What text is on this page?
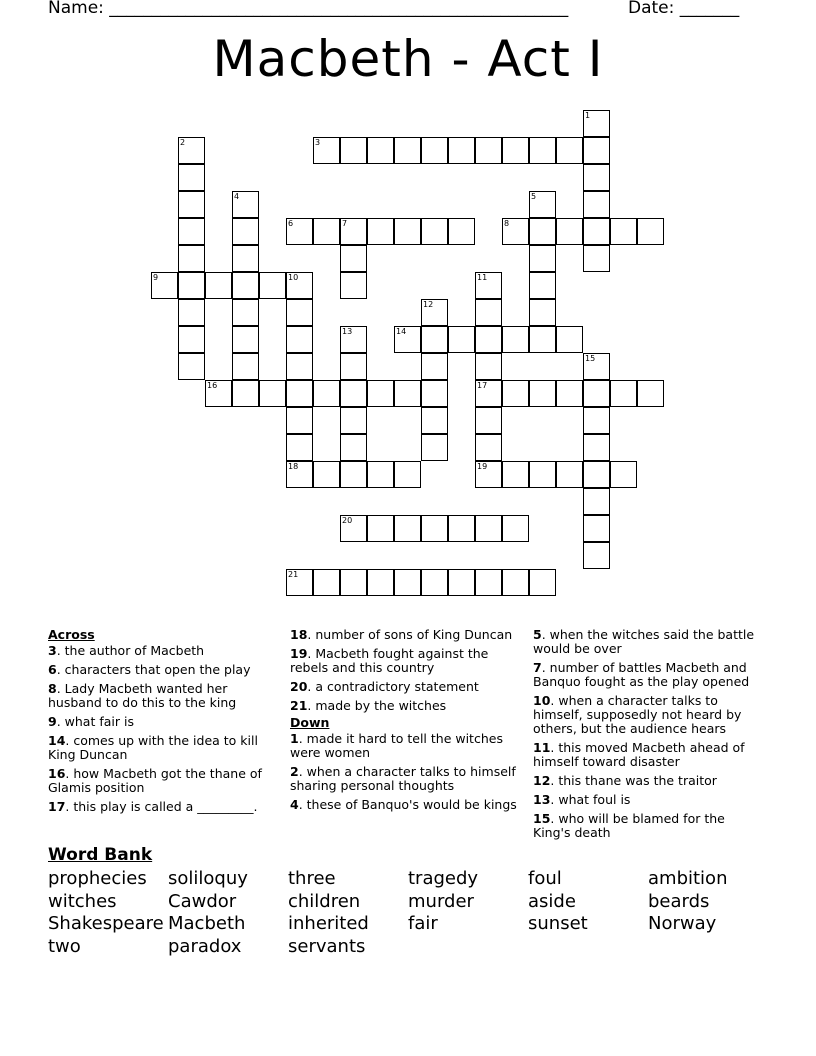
Name: ______________________________________________________	Date: _______
Macbeth - Act I
1
2	3
4	5
6	7	8
9	10	11
12
13	14
15
16	17
18	19
20
21
Across
3. the author of Macbeth
6. characters that open the play
8. Lady Macbeth wanted her husband to do this to the king
9. what fair is
14. comes up with the idea to kill King Duncan
16. how Macbeth got the thane of Glamis position
17. this play is called a _________.
18. number of sons of King Duncan
19. Macbeth fought against the rebels and this country
20. a contradictory statement
21. made by the witches
Down
1. made it hard to tell the witches were women
2. when a character talks to himself sharing personal thoughts
4. these of Banquo's would be kings
5. when the witches said the battle would be over
7. number of battles Macbeth and Banquo fought as the play opened
10. when a character talks to himself, supposedly not heard by others, but the audience hears
11. this moved Macbeth ahead of himself toward disaster
12. this thane was the traitor
13. what foul is
15. who will be blamed for the King's death
Word Bank
prophecies soliloquy three	tragedy	foul	ambition
witches	Cawdor	children	murder	aside	beards
Shakespeare Macbeth inherited fair	sunset	Norway
two	paradox	servants
